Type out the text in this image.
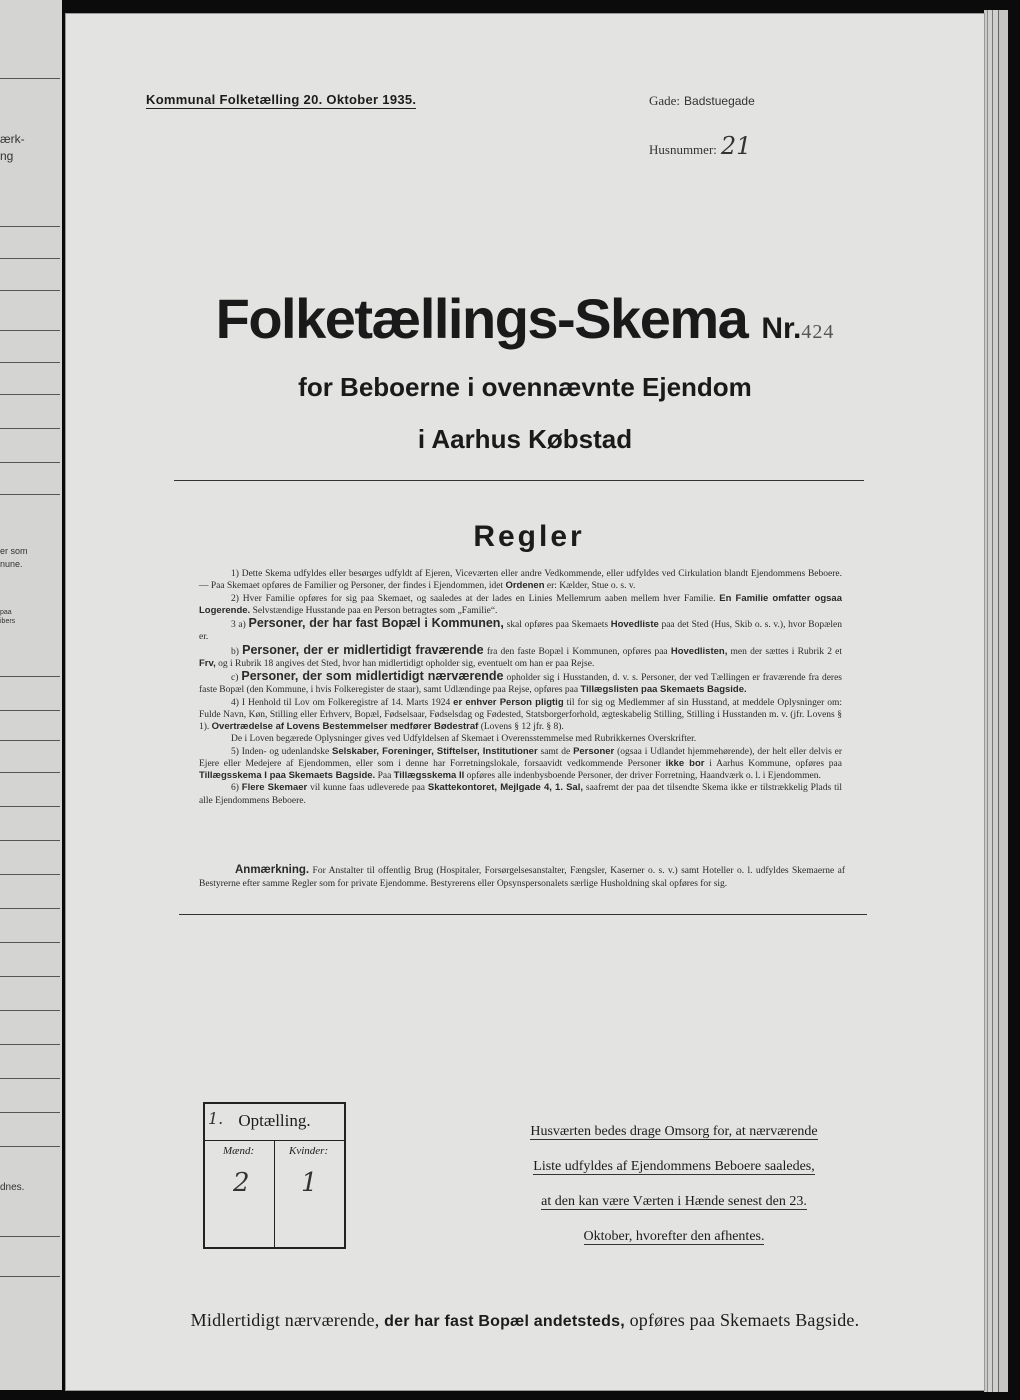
ærk-
ng
er som
nune.
paa
ibers
dnes.
Kommunal Folketælling 20. Oktober 1935.	Gade: Badstuegade
Husnummer: 21
Folketællings-Skema Nr.424
for Beboerne i ovennævnte Ejendom
i Aarhus Købstad
Regler

1) Dette Skema udfyldes eller besørges udfyldt af Ejeren, Viceværten eller andre Vedkommende, eller udfyldes ved Cirkulation blandt Ejendommens Beboere. — Paa Skemaet opføres de Familier og Personer, der findes i Ejendommen, idet Ordenen er: Kælder, Stue o. s. v.

2) Hver Familie opføres for sig paa Skemaet, og saaledes at der lades en Linies Mellemrum aaben mellem hver Familie. En Familie omfatter ogsaa Logerende. Selvstændige Husstande paa en Person betragtes som „Familie“.

3 a) Personer, der har fast Bopæl i Kommunen, skal opføres paa Skemaets Hovedliste paa det Sted (Hus, Skib o. s. v.), hvor Bopælen er.

b) Personer, der er midlertidigt fraværende fra den faste Bopæl i Kommunen, opføres paa Hovedlisten, men der sættes i Rubrik 2 et Frv, og i Rubrik 18 angives det Sted, hvor han midlertidigt opholder sig, eventuelt om han er paa Rejse.

c) Personer, der som midlertidigt nærværende opholder sig i Husstanden, d. v. s. Personer, der ved Tællingen er fraværende fra deres faste Bopæl (den Kommune, i hvis Folkeregister de staar), samt Udlændinge paa Rejse, opføres paa Tillægslisten paa Skemaets Bagside.

4) I Henhold til Lov om Folkeregistre af 14. Marts 1924 er enhver Person pligtig til for sig og Medlemmer af sin Husstand, at meddele Oplysninger om: Fulde Navn, Køn, Stilling eller Erhverv, Bopæl, Fødselsaar, Fødselsdag og Fødested, Statsborgerforhold, ægteskabelig Stilling, Stilling i Husstanden m. v. (jfr. Lovens § 1). Overtrædelse af Lovens Bestemmelser medfører Bødestraf (Lovens § 12 jfr. § 8).

De i Loven begærede Oplysninger gives ved Udfyldelsen af Skemaet i Overensstemmelse med Rubrikkernes Overskrifter.

5) Inden- og udenlandske Selskaber, Foreninger, Stiftelser, Institutioner samt de Personer (ogsaa i Udlandet hjemmehørende), der helt eller delvis er Ejere eller Medejere af Ejendommen, eller som i denne har Forretningslokale, forsaavidt vedkommende Personer ikke bor i Aarhus Kommune, opføres paa Tillægsskema I paa Skemaets Bagside. Paa Tillægsskema II opføres alle indenbysboende Personer, der driver Forretning, Haandværk o. l. i Ejendommen.

6) Flere Skemaer vil kunne faas udleverede paa Skattekontoret, Mejlgade 4, 1. Sal, saafremt der paa det tilsendte Skema ikke er tilstrækkelig Plads til alle Ejendommens Beboere.

Anmærkning. For Anstalter til offentlig Brug (Hospitaler, Forsørgelsesanstalter, Fængsler, Kaserner o. s. v.) samt Hoteller o. l. udfyldes Skemaerne af Bestyrerne efter samme Regler som for private Ejendomme. Bestyrerens eller Opsynspersonalets særlige Husholdning skal opføres for sig.
1. Optælling.
Mænd:	Kvinder:
2 1
Husværten bedes drage Omsorg for, at nærværende
Liste udfyldes af Ejendommens Beboere saaledes,
at den kan være Værten i Hænde senest den 23.
Oktober, hvorefter den afhentes.
Midlertidigt nærværende, der har fast Bopæl andetsteds, opføres paa Skemaets Bagside.
